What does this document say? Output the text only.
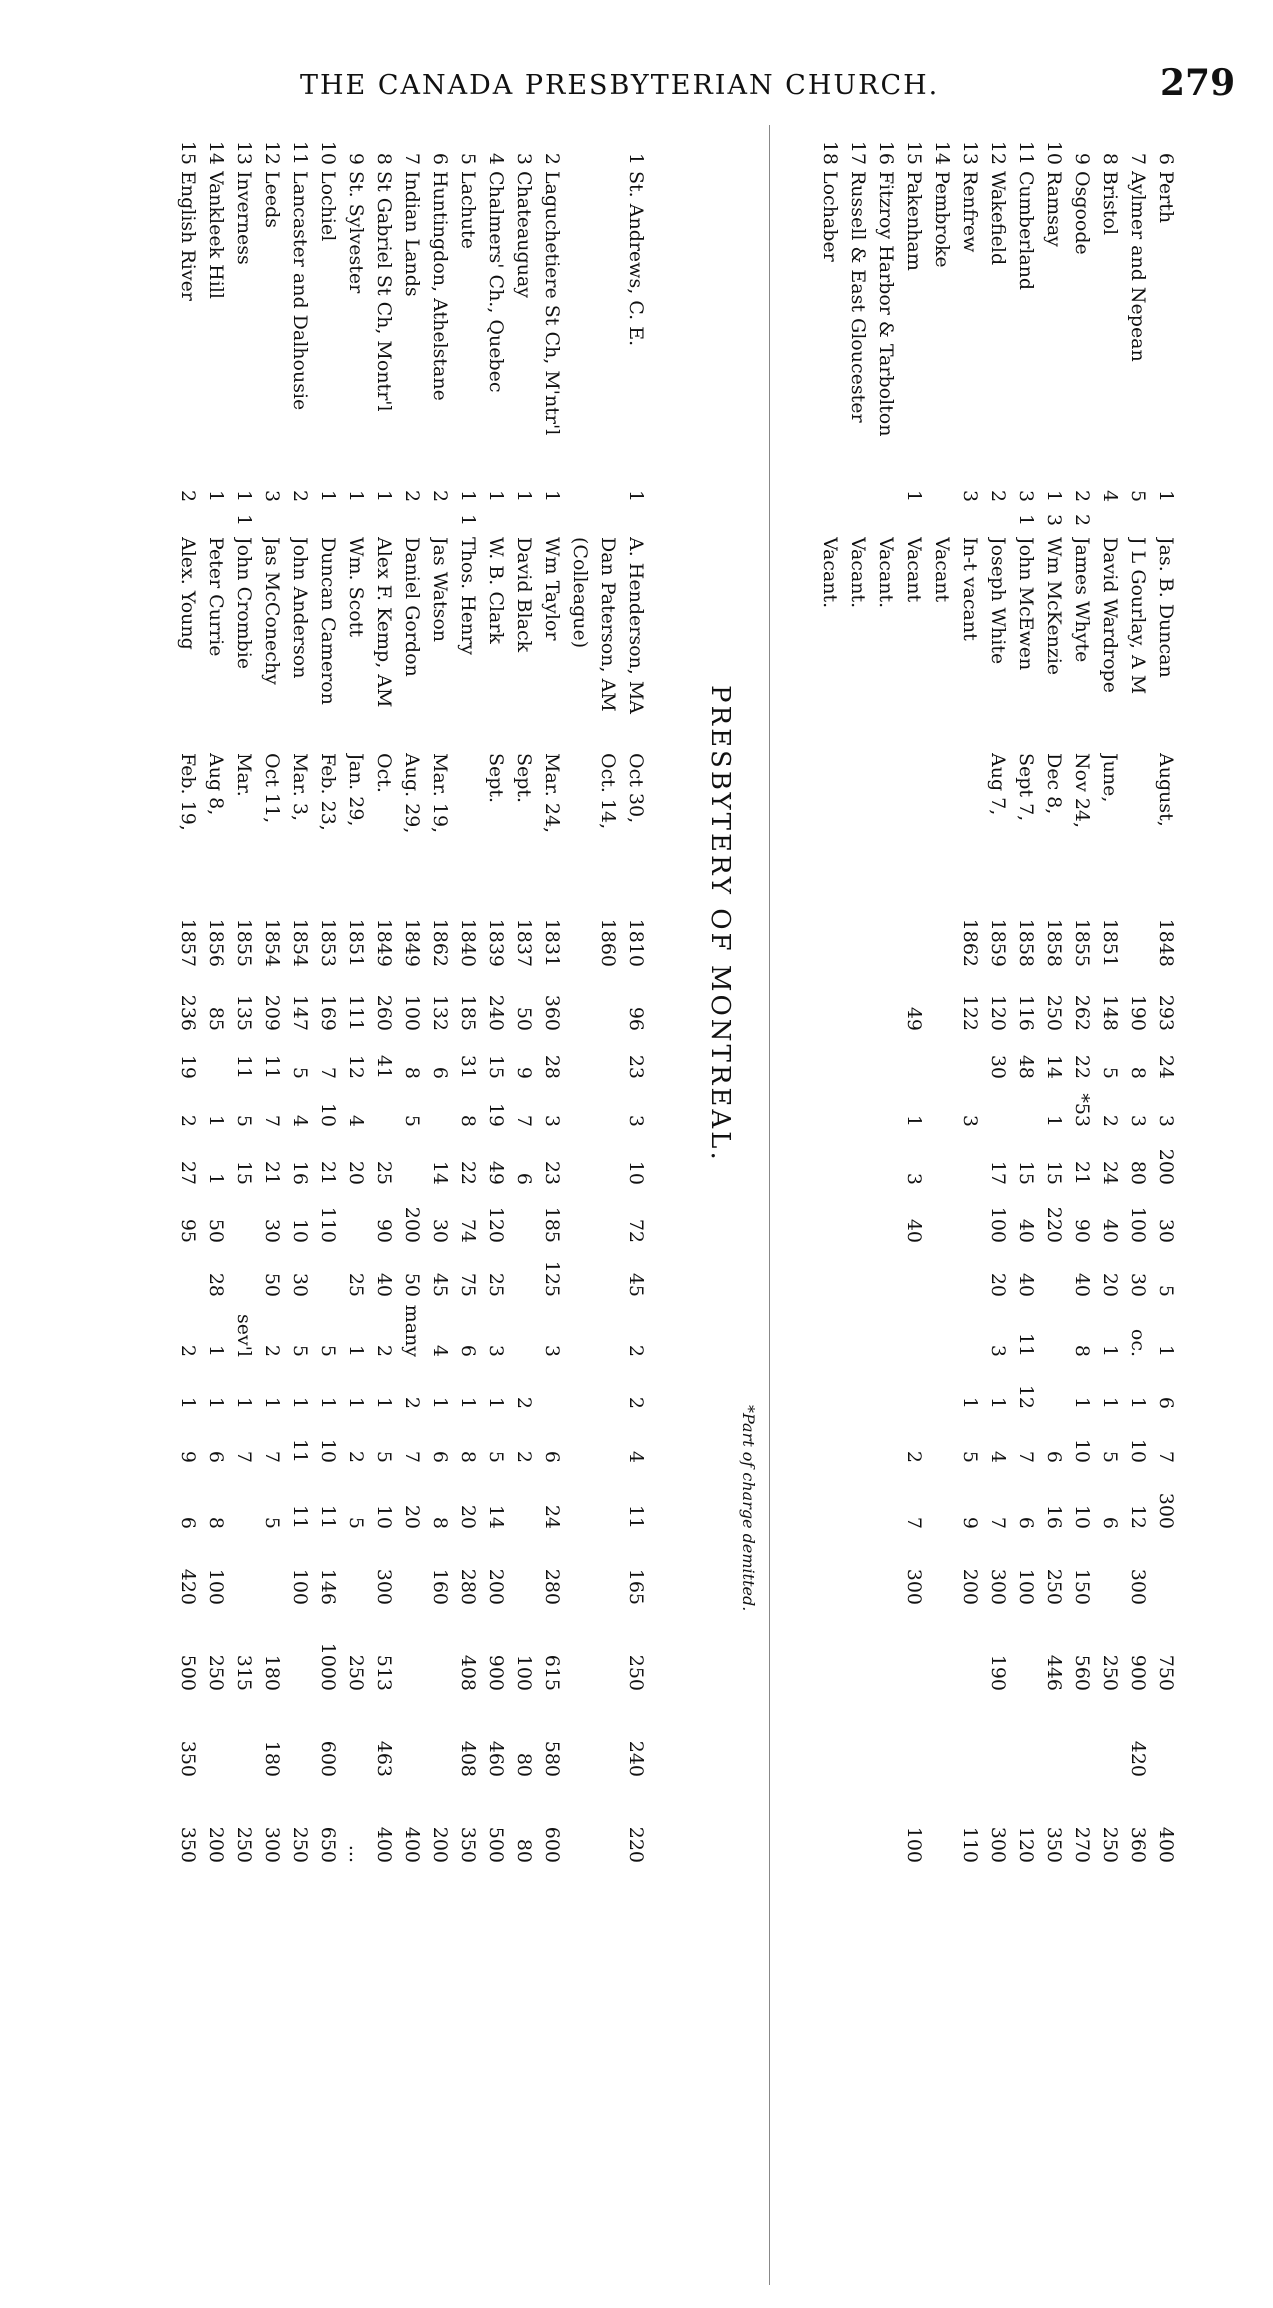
THE CANADA PRESBYTERIAN CHURCH.	279
6
Perth
1
Jas. B. Duncan
August,
1848
293
24
3
200
30
5
1
6
7
300
750
400
7
Aylmer and Nepean
5
J L Gourlay, A M
190
8
3
80
100
30
oc.
1
10
12
300
900
420
360
8
Bristol
4
David Wardrope
June,
1851
148
5
2
24
40
20
1
1
5
6
250
250
9
Osgoode
2
2
James Whyte
Nov 24,
1855
262
22
*53
21
90
40
8
1
10
10
150
560
270
10
Ramsay
1
3
Wm McKenzie
Dec 8,
1858
250
14
1
15
220
6
16
250
446
350
11
Cumberland
3
1
John McEwen
Sept 7,
1858
116
48
15
40
40
11
12
7
6
100
120
12
Wakefield
2
Joseph White
Aug 7,
1859
120
30
17
100
20
3
1
4
7
300
190
300
13
Renfrew
3
In-t vacant
1862
122
3
1
5
9
200
110
14
Pembroke
Vacant
15
Pakenham
1
Vacant
49
1
3
40
2
7
300
100
16
Fitzroy Harbor & Tarbolton
Vacant.
17
Russell & East Gloucester
Vacant.
18
Lochaber
Vacant.
*Part of charge demitted.
PRESBYTERY OF MONTREAL.
1
St. Andrews, C. E.
1
A. Henderson, MA
Oct 30,
1810
96
23
3
10
72
45
2
2
4
11
165
250
240
220
Dan Paterson, AM
Oct. 14,
1860
(Colleague)
2
Laguchetiere St Ch, M'ntr'l
1
Wm Taylor
Mar. 24,
1831
360
28
3
23
185
125
3
6
24
280
615
580
600
3
Chateauguay
1
David Black
Sept.
1837
50
9
7
6
2
2
100
80
80
4
Chalmers' Ch., Quebec
1
W. B. Clark
Sept.
1839
240
15
19
49
120
25
3
1
5
14
200
900
460
500
5
Lachute
1
1
Thos. Henry
1840
185
31
8
22
74
75
6
1
8
20
280
408
408
350
6
Huntingdon, Athelstane
2
Jas Watson
Mar. 19,
1862
132
6
14
30
45
4
1
6
8
160
200
7
Indian Lands
2
Daniel Gordon
Aug. 29,
1849
100
8
5
200
50
many
2
7
20
400
8
St Gabriel St Ch, Montr'l
1
Alex F. Kemp, AM
Oct.
1849
260
41
25
90
40
2
1
5
10
300
513
463
400
9
St. Sylvester
1
Wm. Scott
Jan. 29,
1851
111
12
4
20
25
1
1
2
5
250
...
10
Lochiel
1
Duncan Cameron
Feb. 23,
1853
169
7
10
21
110
5
1
10
11
146
1000
600
650
11
Lancaster and Dalhousie
2
John Anderson
Mar. 3,
1854
147
5
4
16
10
30
5
1
11
11
100
250
12
Leeds
3
Jas McConechy
Oct 11,
1854
209
11
7
21
30
50
2
1
7
5
180
180
300
13
Inverness
1
1
John Crombie
Mar.
1855
135
11
5
15
sev'l
1
7
315
250
14
Vankleek Hill
1
Peter Currie
Aug 8,
1856
85
1
1
50
28
1
1
6
8
100
250
200
15
English River
2
Alex. Young
Feb. 19,
1857
236
19
2
27
95
2
1
9
6
420
500
350
350
